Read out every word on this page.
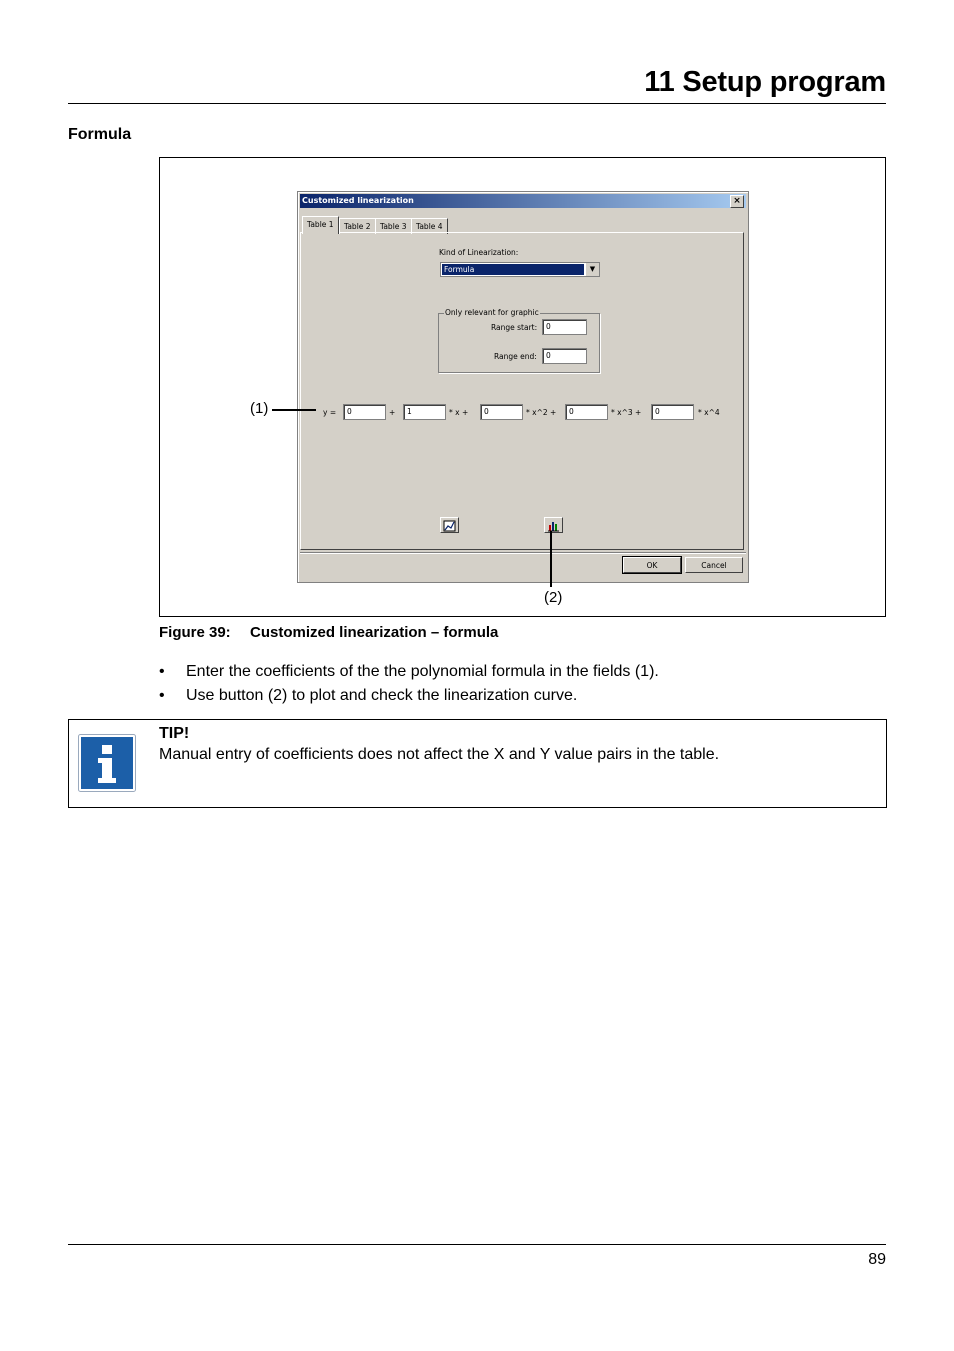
11 Setup program
Formula
Customized linearization	×
Table 1	Table 2	Table 3	Table 4
Kind of Linearization:
Formula	▼
Only relevant for graphic
Range start:	0
Range end:	0
y =	0	+	1	* x +	0	* x^2 +	0	* x^3 +	0	* x^4
OK	Cancel
(1)
(2)
Figure 39: Customized linearization – formula
• Enter the coefficients of the the polynomial formula in the fields (1).
• Use button (2) to plot and check the linearization curve.
TIP!
Manual entry of coefficients does not affect the X and Y value pairs in the table.
89
